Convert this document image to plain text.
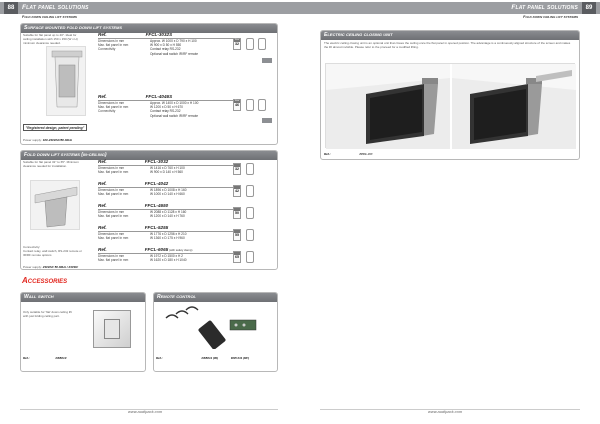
88	Flat panel solutions
Fold down ceiling lift systems
Surface mounted fold down lift systems
Suitable for flat panel up to 40". Ideal for ceiling installation with 150 x 150 (W x H) minimum clearance needed.
"Registered design, patent pending"
Power supply: 100-240VAC/50-60Hz
Ref.	FFCL-3032S
Dimensions in mm	Approx. W 1000 x D 790 x H 100
Max. flat panel in mm	W 900 x D 50 x H 550
Connectivity	Contact relay RS-232
Optional wall switch IR/RF remote
Size
32
Ref.	FFCL-4046S
Dimensions in mm	Approx. W 1400 x D 1000 x H 100
Max. flat panel in mm	W 1200 x D 50 x H 670
Connectivity	Contact relay RS-232
Optional wall switch IR/RF remote
Size
46
Fold down lift systems (in-ceiling)
Suitable for flat panel 32" to 65". Minimum clearance needed for installation.
Connectivity:
Contact relay, wall switch, RS-232 remote or IR/RF remote options
Power supply: 230VAC 50-60Hz / 24VDC
Ref.	FFCL-3032
Dimensions in mm	W 1416 x D 760 x H 100
Max. flat panel in mm	W 900 x D 140 x H 560
32
Ref.	FFCL-4042
Dimensions in mm	W 1896 x D 1008 x H 160
Max. flat panel in mm	W 1000 x D 140 x H 660
42
Ref.	FFCL-4650
Dimensions in mm	W 2088 x D 1128 x H 160
Max. flat panel in mm	W 1200 x D 140 x H 760
50
Ref.	FFCL-5255
Dimensions in mm	W 1776 x D 1256 x H 210
Max. flat panel in mm	W 1360 x D 175 x H 960
55
Ref.	FFCL-6065 (with safety clamp)
Dimensions in mm	W 1972 x D 1500 x H 2
Max. flat panel in mm	W 1620 x D 180 x H 1040
65
Accessories
Wall switch
Only suitable for 'flat' down ceiling lift with just folding ceiling part.
Ref.:	DS5010
Remote control
Ref.:	DS5011 (IR)	DS5 011 (RF)
www.audipack.com
89
Flat panel solutions
Fold down ceiling lift systems
Electric ceiling closing unit
The electric ceiling closing unit is an optional unit that closes the ceiling once the flat panel in opened position. The advantage is a continuously aligned structure of the screen and makes the lift almost invisible. Please refer to the proceed for a modified lifting.
Ref.:	FFCL-CC
www.audipack.com
